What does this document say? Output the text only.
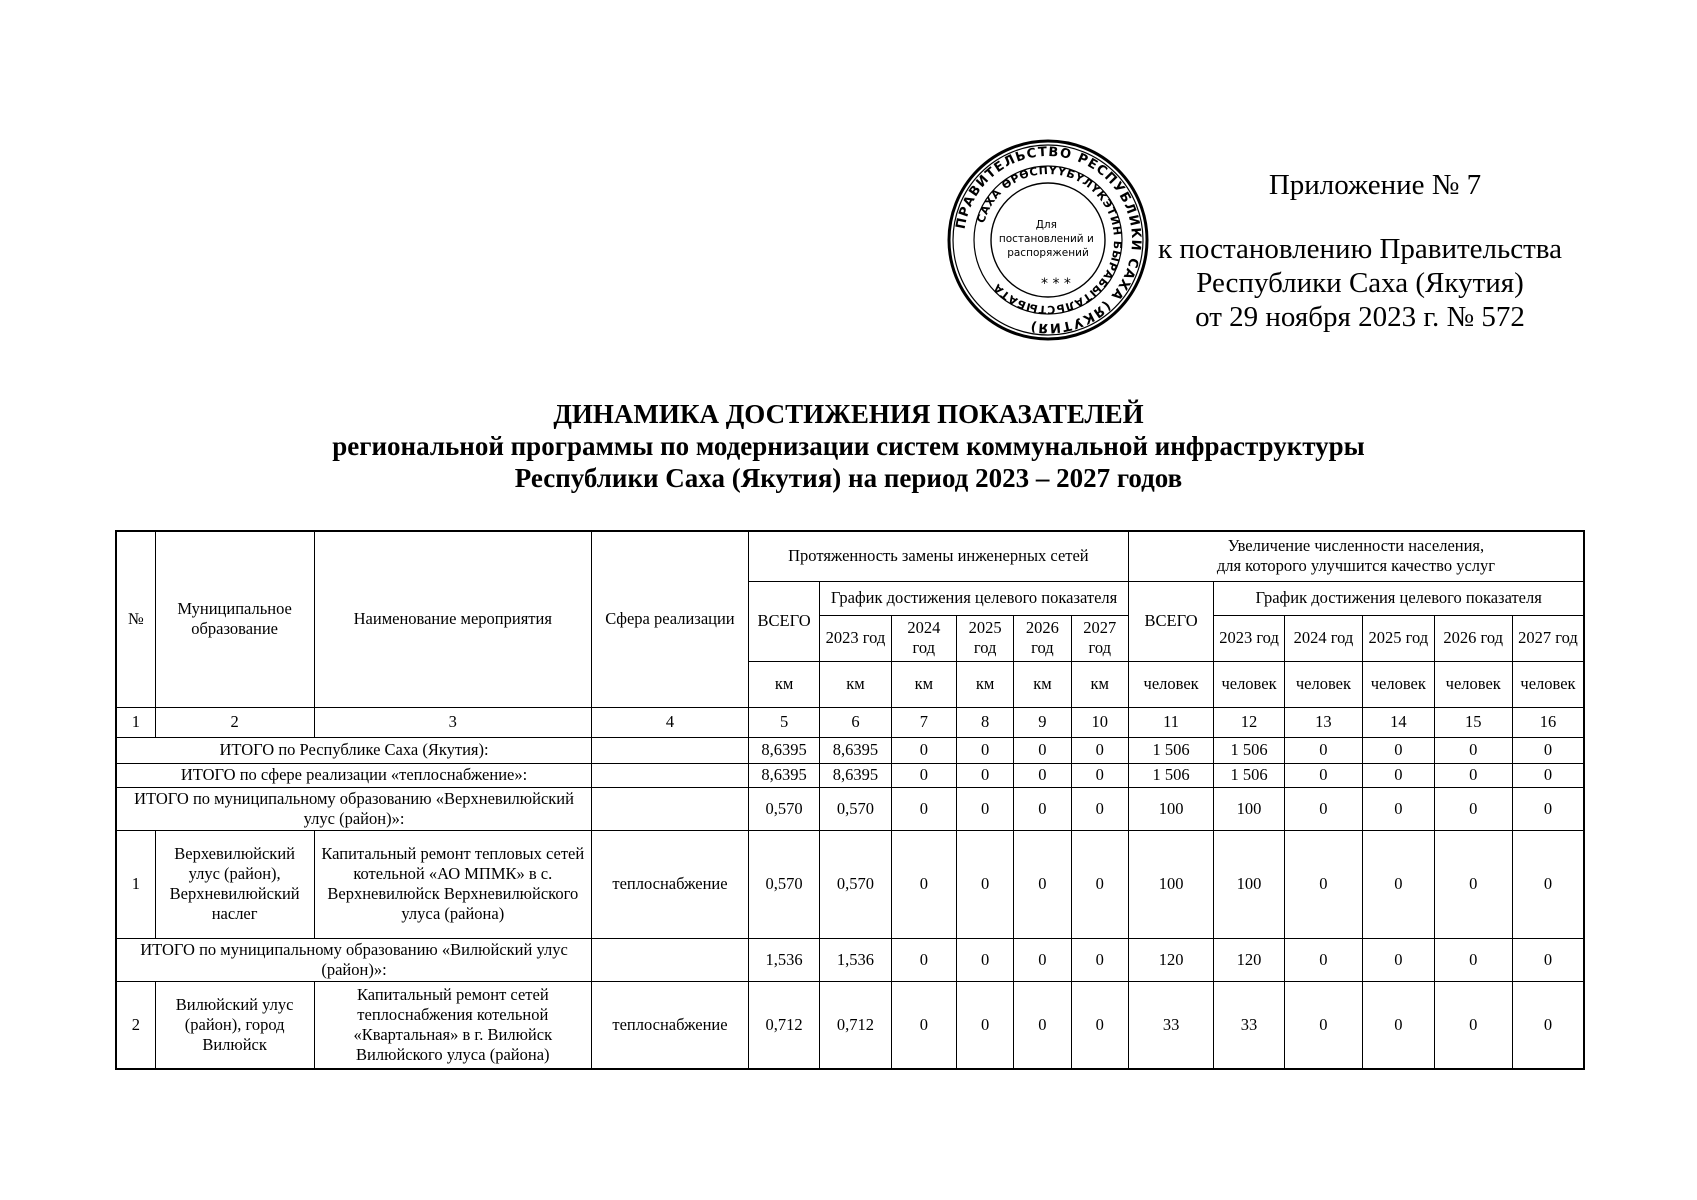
ПРАВИТЕЛЬСТВО РЕСПУБЛИКИ САХА (ЯКУТИЯ)
САХА ӨРӨСПҮҮБҮЛҮКЭТИН БЫРАБЫТАЛЬСТЫБАТА	* * *
Для постановлений и распоряжений
Приложение № 7
к постановлению Правительства
Республики Саха (Якутия)
от 29 ноября 2023 г. № 572
ДИНАМИКА ДОСТИЖЕНИЯ ПОКАЗАТЕЛЕЙ
региональной программы по модернизации систем коммунальной инфраструктуры
Республики Саха (Якутия) на период 2023 – 2027 годов
№	Муниципальное образование	Наименование мероприятия	Сфера реализации	Протяженность замены инженерных сетей						Увеличение численности населения,
для которого улучшится качество услуг					

				ВСЕГО	График достижения целевого показателя					ВСЕГО	График достижения целевого показателя				
					2023 год	2024 год	2025 год	2026 год	2027 год		2023 год	2024 год	2025 год	2026 год	2027 год
				км	км	км	км	км	км	человек	человек	человек	человек	человек	человек
1	2	3	4	5	6	7	8	9	10	11	12	13	14	15	16
ИТОГО по Республике Саха (Якутия):				8,6395	8,6395	0	0	0	0	1 506	1 506	0	0	0	0
ИТОГО по сфере реализации «теплоснабжение»:				8,6395	8,6395	0	0	0	0	1 506	1 506	0	0	0	0
ИТОГО по муниципальному образованию «Верхневилюйский улус (район)»:				0,570	0,570	0	0	0	0	100	100	0	0	0	0
1	Верхевилюйский улус (район), Верхневилюйский наслег	Капитальный ремонт тепловых сетей котельной «АО МПМК» в с. Верхневилюйск Верхневилюйского улуса (района)	теплоснабжение	0,570	0,570	0	0	0	0	100	100	0	0	0	0
ИТОГО по муниципальному образованию «Вилюйский улус (район)»:				1,536	1,536	0	0	0	0	120	120	0	0	0	0
2	Вилюйский улус (район), город Вилюйск	Капитальный ремонт сетей теплоснабжения котельной «Квартальная» в г. Вилюйск Вилюйского улуса (района)	теплоснабжение	0,712	0,712	0	0	0	0	33	33	0	0	0	0
